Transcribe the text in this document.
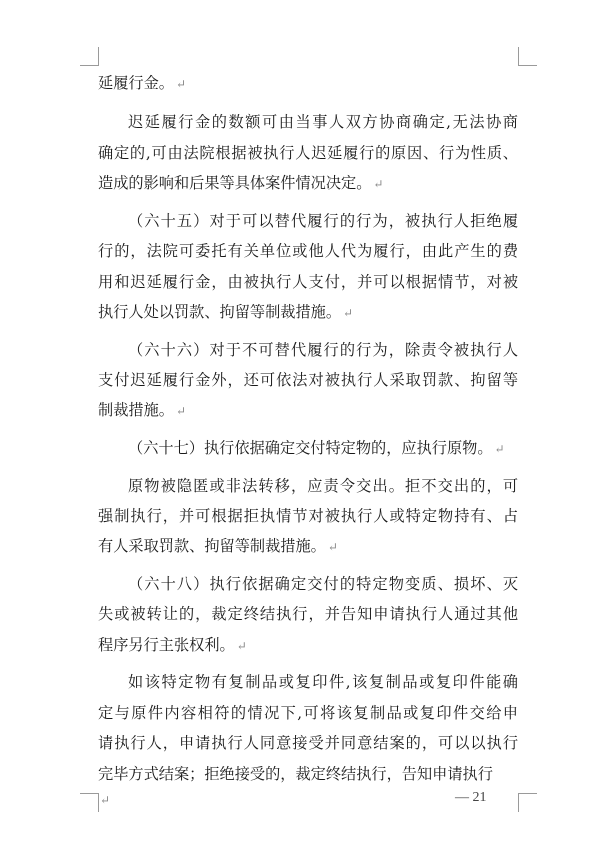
延履行金。 ↵
迟延履行金的数额可由当事人双方协商确定,无法协商
确定的,可由法院根据被执行人迟延履行的原因、行为性质、
造成的影响和后果等具体案件情况决定。 ↵
（六十五）对于可以替代履行的行为，被执行人拒绝履
行的，法院可委托有关单位或他人代为履行，由此产生的费
用和迟延履行金，由被执行人支付，并可以根据情节，对被
执行人处以罚款、拘留等制裁措施。 ↵
（六十六）对于不可替代履行的行为，除责令被执行人
支付迟延履行金外，还可依法对被执行人采取罚款、拘留等
制裁措施。 ↵
（六十七）执行依据确定交付特定物的，应执行原物。 ↵
原物被隐匿或非法转移，应责令交出。拒不交出的，可
强制执行，并可根据拒执情节对被执行人或特定物持有、占
有人采取罚款、拘留等制裁措施。 ↵
（六十八）执行依据确定交付的特定物变质、损坏、灭
失或被转让的，裁定终结执行，并告知申请执行人通过其他
程序另行主张权利。 ↵
如该特定物有复制品或复印件,该复制品或复印件能确
定与原件内容相符的情况下,可将该复制品或复印件交给申
请执行人，申请执行人同意接受并同意结案的，可以以执行
完毕方式结案；拒绝接受的，裁定终结执行，告知申请执行
↵	— 21
